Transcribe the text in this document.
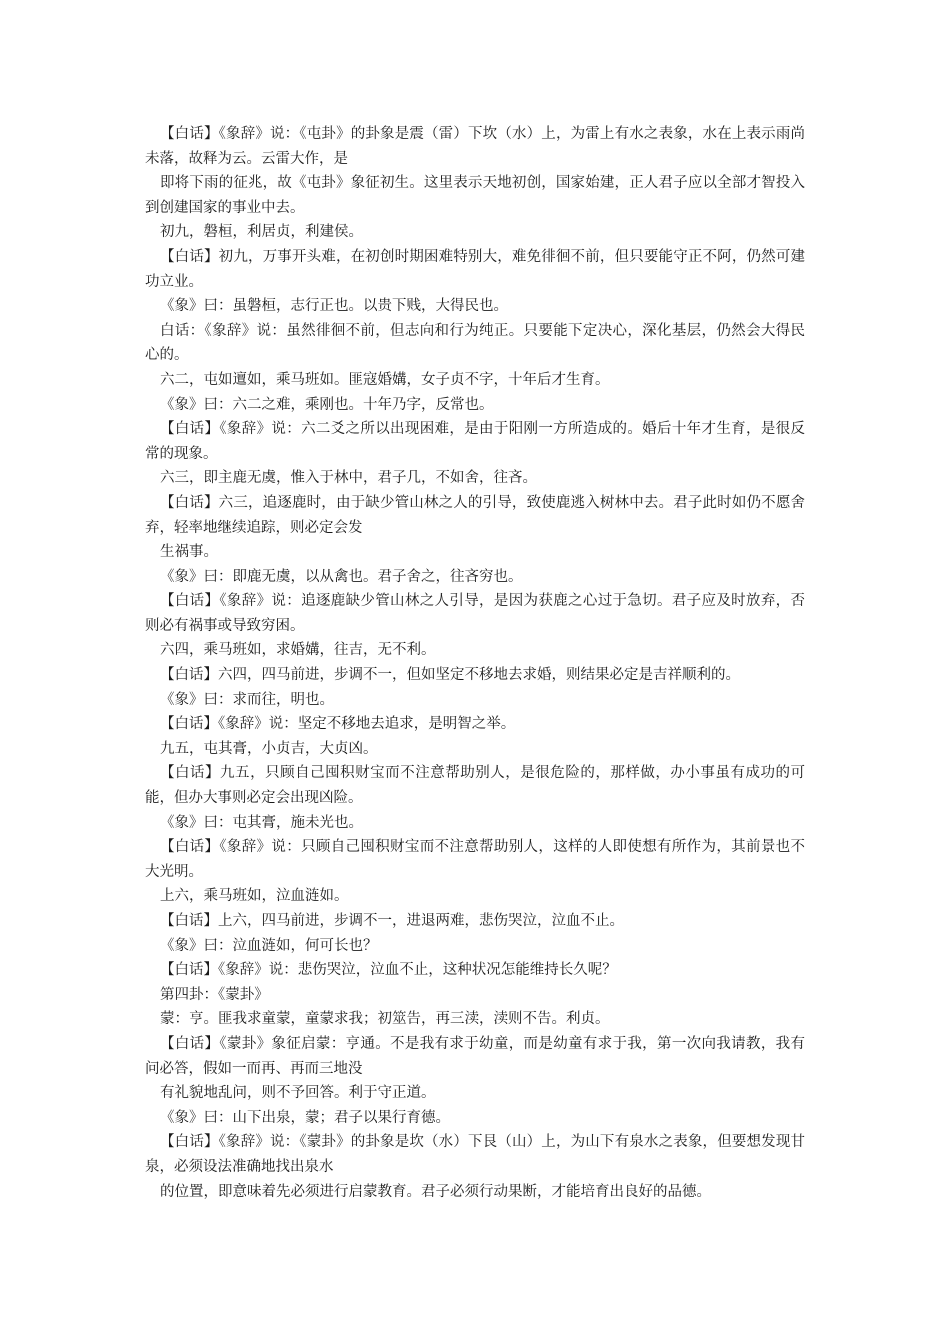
【白话】《象辞》说：《屯卦》的卦象是震（雷）下坎（水）上，为雷上有水之表象，水在上表示雨尚未落，故释为云。云雷大作，是

即将下雨的征兆，故《屯卦》象征初生。这里表示天地初创，国家始建，正人君子应以全部才智投入到创建国家的事业中去。

初九，磐桓，利居贞，利建侯。

【白话】初九，万事开头难，在初创时期困难特别大，难免徘徊不前，但只要能守正不阿，仍然可建功立业。

《象》曰：虽磐桓，志行正也。以贵下贱，大得民也。

白话：《象辞》说：虽然徘徊不前，但志向和行为纯正。只要能下定决心，深化基层，仍然会大得民心的。

六二，屯如邅如，乘马班如。匪寇婚媾，女子贞不字，十年后才生育。

《象》曰：六二之难，乘刚也。十年乃字，反常也。

【白话】《象辞》说：六二爻之所以出现困难，是由于阳刚一方所造成的。婚后十年才生育，是很反常的现象。

六三，即主鹿无虞，惟入于林中，君子几，不如舍，往吝。

【白话】六三，追逐鹿时，由于缺少管山林之人的引导，致使鹿逃入树林中去。君子此时如仍不愿舍弃，轻率地继续追踪，则必定会发

生祸事。

《象》曰：即鹿无虞，以从禽也。君子舍之，往吝穷也。

【白话】《象辞》说：追逐鹿缺少管山林之人引导，是因为获鹿之心过于急切。君子应及时放弃，否则必有祸事或导致穷困。

六四，乘马班如，求婚媾，往吉，无不利。

【白话】六四，四马前进，步调不一，但如坚定不移地去求婚，则结果必定是吉祥顺利的。

《象》曰：求而往，明也。

【白话】《象辞》说：坚定不移地去追求，是明智之举。

九五，屯其膏，小贞吉，大贞凶。

【白话】九五，只顾自己囤积财宝而不注意帮助别人，是很危险的，那样做，办小事虽有成功的可能，但办大事则必定会出现凶险。

《象》曰：屯其膏，施未光也。

【白话】《象辞》说：只顾自己囤积财宝而不注意帮助别人，这样的人即使想有所作为，其前景也不大光明。

上六，乘马班如，泣血涟如。

【白话】上六，四马前进，步调不一，进退两难，悲伤哭泣，泣血不止。

《象》曰：泣血涟如，何可长也？

【白话】《象辞》说：悲伤哭泣，泣血不止，这种状况怎能维持长久呢？

第四卦：《蒙卦》

蒙：亨。匪我求童蒙，童蒙求我；初筮告，再三渎，渎则不告。利贞。

【白话】《蒙卦》象征启蒙：亨通。不是我有求于幼童，而是幼童有求于我，第一次向我请教，我有问必答，假如一而再、再而三地没

有礼貌地乱问，则不予回答。利于守正道。

《象》曰：山下出泉，蒙；君子以果行育德。

【白话】《象辞》说：《蒙卦》的卦象是坎（水）下艮（山）上，为山下有泉水之表象，但要想发现甘泉，必须设法准确地找出泉水

的位置，即意味着先必须进行启蒙教育。君子必须行动果断，才能培育出良好的品德。
